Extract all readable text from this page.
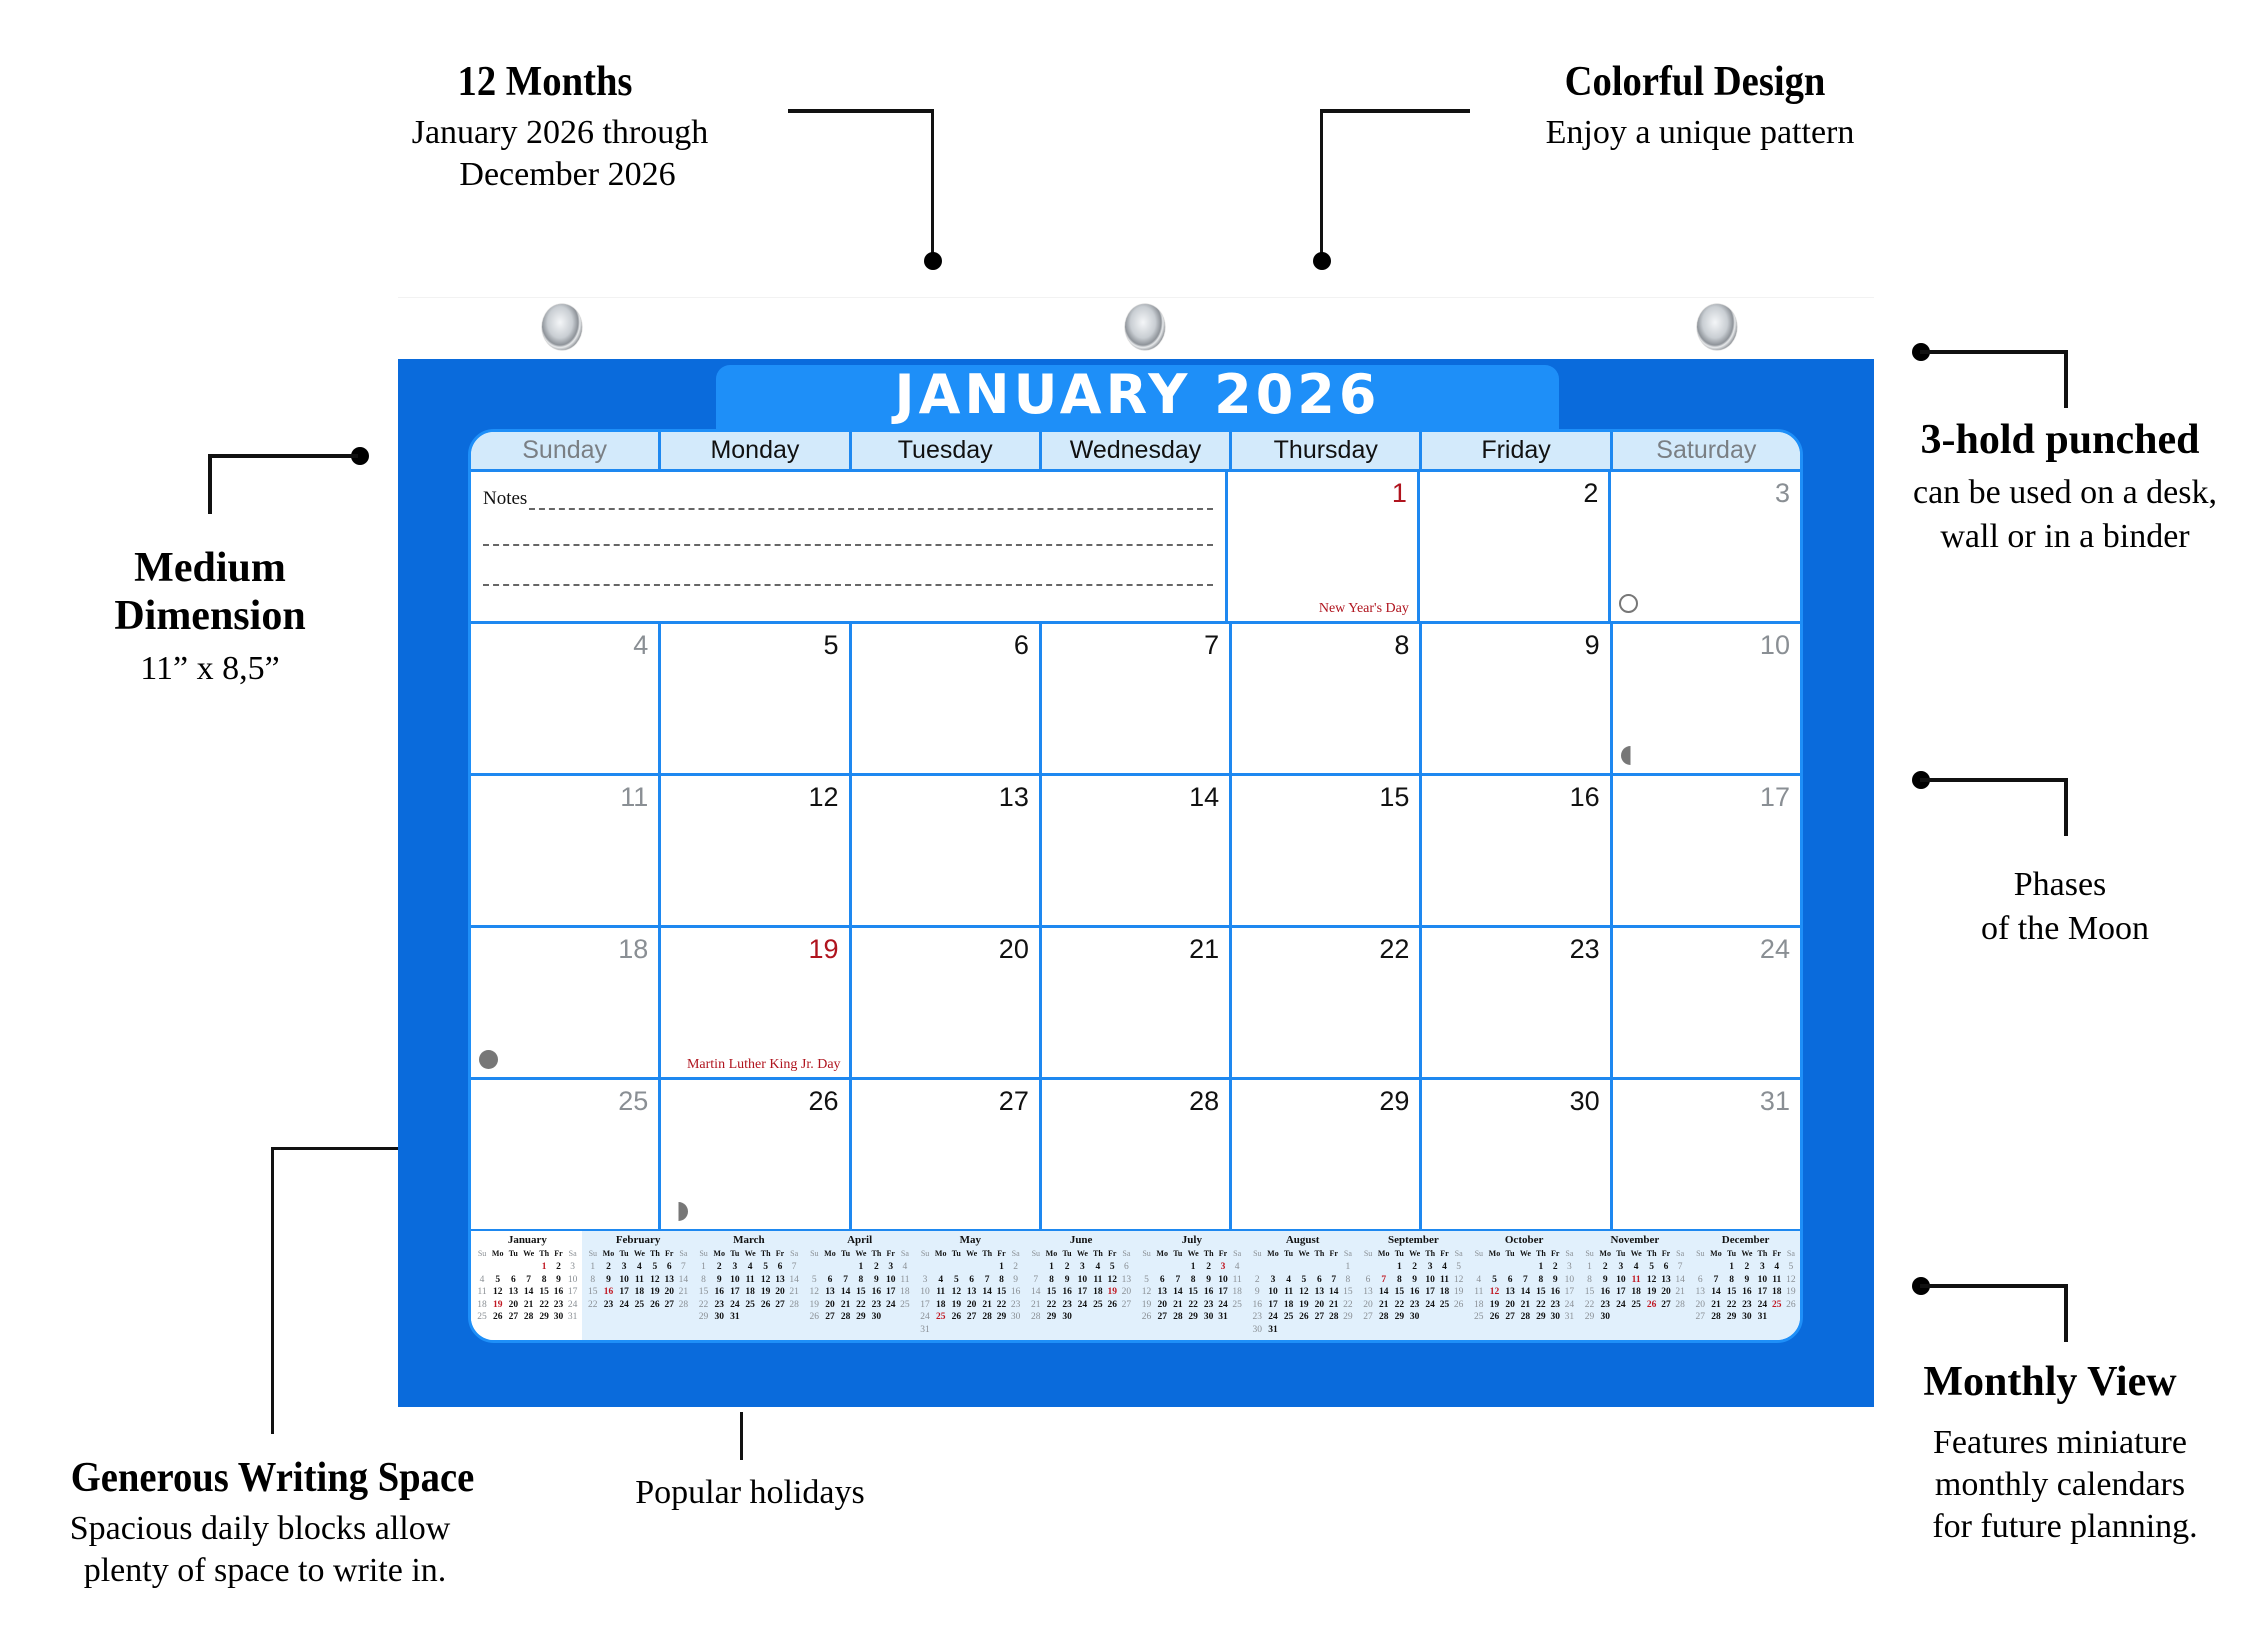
12 Months
January 2026 through
December 2026
Colorful Design
Enjoy a unique pattern
3-hold punched
can be used on a desk,
wall or in a binder
Medium
Dimension
11” x 8,5”
Phases
of the Moon
Generous Writing Space
Spacious daily blocks allow
plenty of space to write in.
Popular holidays
Monthly View
Features miniature
monthly calendars
for future planning.
JANUARY 2026
Sunday	Monday	Tuesday	Wednesday	Thursday	Friday	Saturday
Notes	1
New Year's Day
2	3
4	5	6	7	8	9	10
11	12	13	14	15	16	17
18	19
Martin Luther King Jr. Day
20	21	22	23	24
25	26	27	28	29	30	31
January
Su	Mo	Tu	We	Th	Fr	Sa
				1	2	3
4	5	6	7	8	9	10
11	12	13	14	15	16	17
18	19	20	21	22	23	24
25	26	27	28	29	30	31
February
Su	Mo	Tu	We	Th	Fr	Sa
1	2	3	4	5	6	7
8	9	10	11	12	13	14
15	16	17	18	19	20	21
22	23	24	25	26	27	28
March
Su	Mo	Tu	We	Th	Fr	Sa
1	2	3	4	5	6	7
8	9	10	11	12	13	14
15	16	17	18	19	20	21
22	23	24	25	26	27	28
29	30	31				
April
Su	Mo	Tu	We	Th	Fr	Sa
			1	2	3	4
5	6	7	8	9	10	11
12	13	14	15	16	17	18
19	20	21	22	23	24	25
26	27	28	29	30		
May
Su	Mo	Tu	We	Th	Fr	Sa
					1	2
3	4	5	6	7	8	9
10	11	12	13	14	15	16
17	18	19	20	21	22	23
24	25	26	27	28	29	30
31						
June
Su	Mo	Tu	We	Th	Fr	Sa
	1	2	3	4	5	6
7	8	9	10	11	12	13
14	15	16	17	18	19	20
21	22	23	24	25	26	27
28	29	30				
July
Su	Mo	Tu	We	Th	Fr	Sa
			1	2	3	4
5	6	7	8	9	10	11
12	13	14	15	16	17	18
19	20	21	22	23	24	25
26	27	28	29	30	31	
August
Su	Mo	Tu	We	Th	Fr	Sa
						1
2	3	4	5	6	7	8
9	10	11	12	13	14	15
16	17	18	19	20	21	22
23	24	25	26	27	28	29
30	31					
September
Su	Mo	Tu	We	Th	Fr	Sa
		1	2	3	4	5
6	7	8	9	10	11	12
13	14	15	16	17	18	19
20	21	22	23	24	25	26
27	28	29	30			
October
Su	Mo	Tu	We	Th	Fr	Sa
				1	2	3
4	5	6	7	8	9	10
11	12	13	14	15	16	17
18	19	20	21	22	23	24
25	26	27	28	29	30	31
November
Su	Mo	Tu	We	Th	Fr	Sa
1	2	3	4	5	6	7
8	9	10	11	12	13	14
15	16	17	18	19	20	21
22	23	24	25	26	27	28
29	30					
December
Su	Mo	Tu	We	Th	Fr	Sa
		1	2	3	4	5
6	7	8	9	10	11	12
13	14	15	16	17	18	19
20	21	22	23	24	25	26
27	28	29	30	31		
